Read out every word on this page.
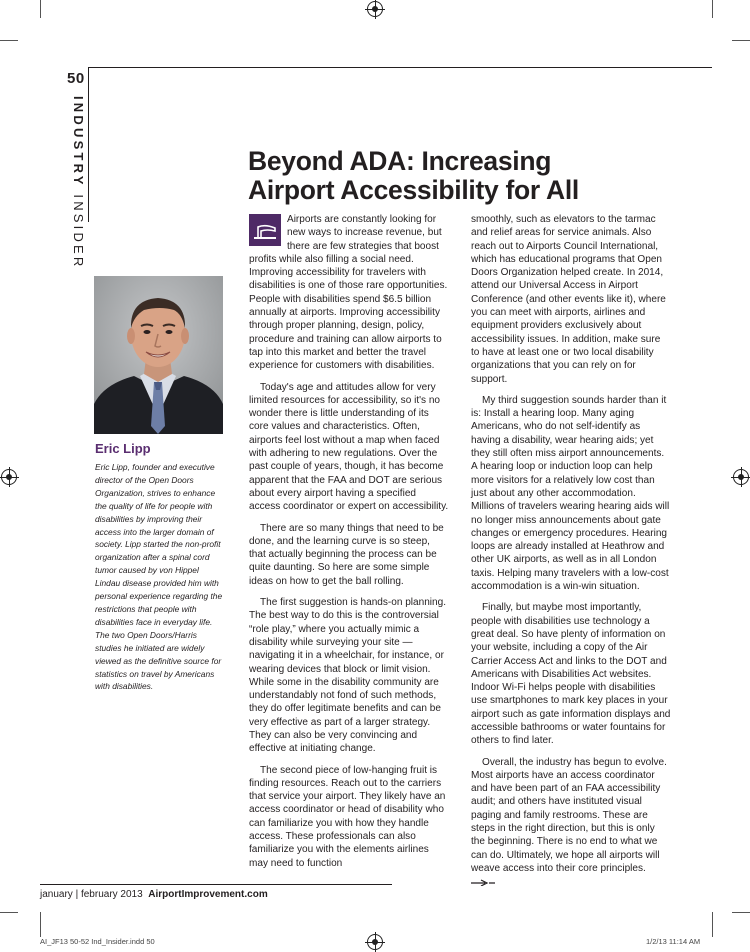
50
INDUSTRY INSIDER
Beyond ADA: Increasing
Airport Accessibility for All
Eric Lipp
Eric Lipp, founder and executive director of the Open Doors Organization, strives to enhance the quality of life for people with disabilities by improving their access into the larger domain of society. Lipp started the non-profit organization after a spinal cord tumor caused by von Hippel Lindau disease provided him with personal experience regarding the restrictions that people with disabilities face in everyday life. The two Open Doors/Harris studies he initiated are widely viewed as the definitive source for statistics on travel by Americans with disabilities.

Airports are constantly looking for new ways to increase revenue, but there are few strategies that boost profits while also filling a social need. Improving accessibility for travelers with disabilities is one of those rare opportunities. People with disabilities spend $6.5 billion annually at airports. Improving accessibility through proper planning, design, policy, procedure and training can allow airports to tap into this market and better the travel experience for customers with disabilities.

Today's age and attitudes allow for very limited resources for accessibility, so it's no wonder there is little understanding of its core values and characteristics. Often, airports feel lost without a map when faced with adhering to new regulations. Over the past couple of years, though, it has become apparent that the FAA and DOT are serious about every airport having a specified access coordinator or expert on accessibility.

There are so many things that need to be done, and the learning curve is so steep, that actually beginning the process can be quite daunting. So here are some simple ideas on how to get the ball rolling.

The first suggestion is hands-on planning. The best way to do this is the controversial “role play,” where you actually mimic a disability while surveying your site — navigating it in a wheelchair, for instance, or wearing devices that block or limit vision. While some in the disability community are understandably not fond of such methods, they do offer legitimate benefits and can be very effective as part of a larger strategy. They can also be very convincing and effective at initiating change.

The second piece of low-hanging fruit is finding resources. Reach out to the carriers that service your airport. They likely have an access coordinator or head of disability who can familiarize you with how they handle access. These professionals can also familiarize you with the elements airlines may need to function

smoothly, such as elevators to the tarmac and relief areas for service animals. Also reach out to Airports Council International, which has educational programs that Open Doors Organization helped create. In 2014, attend our Universal Access in Airport Conference (and other events like it), where you can meet with airports, airlines and equipment providers exclusively about accessibility issues. In addition, make sure to have at least one or two local disability organizations that you can rely on for support.

My third suggestion sounds harder than it is: Install a hearing loop. Many aging Americans, who do not self-identify as having a disability, wear hearing aids; yet they still often miss airport announcements. A hearing loop or induction loop can help more visitors for a relatively low cost than just about any other accommodation. Millions of travelers wearing hearing aids will no longer miss announcements about gate changes or emergency procedures. Hearing loops are already installed at Heathrow and other UK airports, as well as in all London taxis. Helping many travelers with a low-cost accommodation is a win-win situation.

Finally, but maybe most importantly, people with disabilities use technology a great deal. So have plenty of information on your website, including a copy of the Air Carrier Access Act and links to the DOT and Americans with Disabilities Act websites. Indoor Wi-Fi helps people with disabilities use smartphones to mark key places in your airport such as gate information displays and accessible bathrooms or water fountains for others to find later.

Overall, the industry has begun to evolve. Most airports have an access coordinator and have been part of an FAA accessibility audit; and others have instituted visual paging and family restrooms. These are steps in the right direction, but this is only the beginning. There is no end to what we can do. Ultimately, we hope all airports will weave access into their core principles.

january | february 2013 AirportImprovement.com
AI_JF13 50-52 Ind_Insider.indd 50	1/2/13 11:14 AM
